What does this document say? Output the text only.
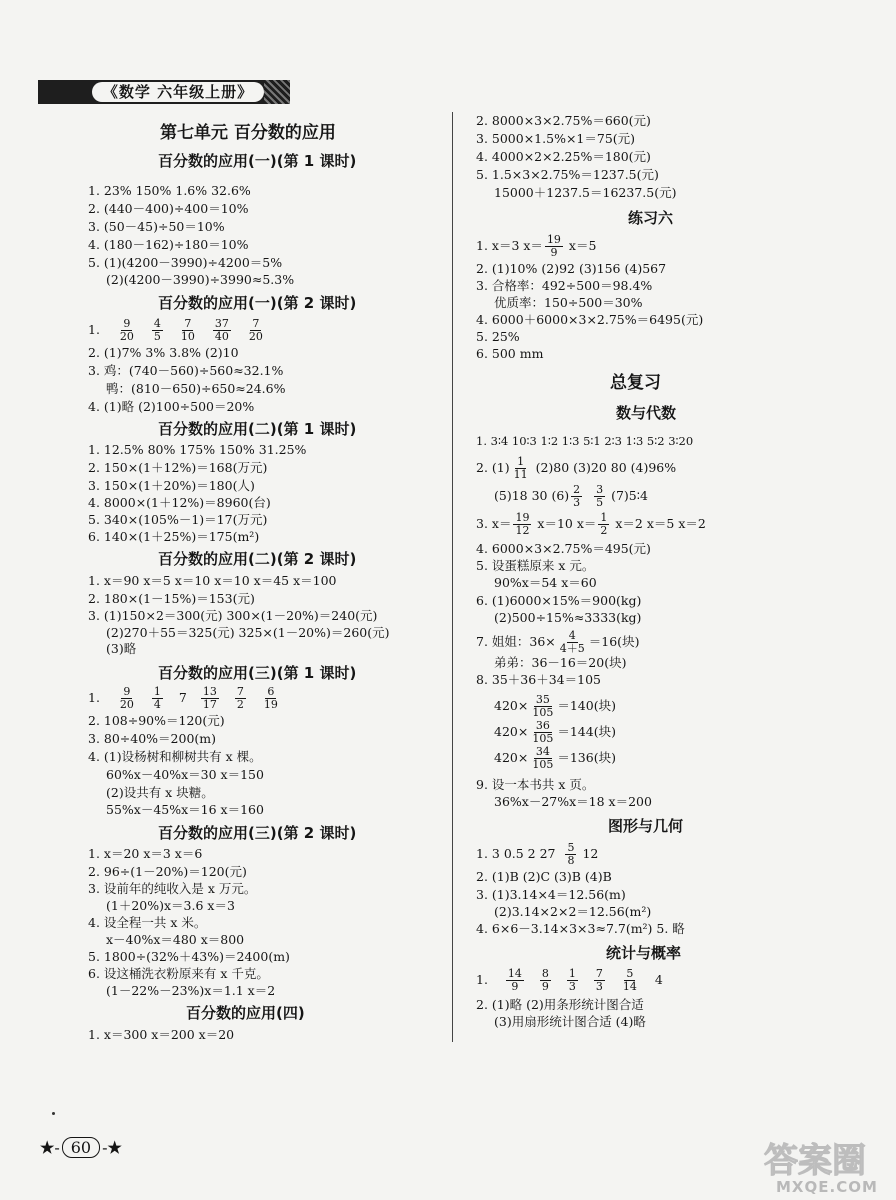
《数学 六年级上册》
第七单元 百分数的应用
百分数的应用(一)(第 1 课时)
1. 23% 150% 1.6% 32.6%
2. (440－400)÷400＝10%
3. (50－45)÷50＝10%
4. (180－162)÷180＝10%
5. (1)(4200－3990)÷4200＝5%
(2)(4200－3990)÷3990≈5.3%
百分数的应用(一)(第 2 课时)
1. $\frac{9}{20} \frac{4}{5} \frac{7}{10} \frac{37}{40} \frac{7}{20}$
2. (1)7% 3% 3.8% (2)10
3. 鸡：(740－560)÷560≈32.1%
鸭：(810－650)÷650≈24.6%
4. (1)略 (2)100÷500＝20%
百分数的应用(二)(第 1 课时)
1. 12.5% 80% 175% 150% 31.25%
2. 150×(1＋12%)＝168(万元)
3. 150×(1＋20%)＝180(人)
4. 8000×(1＋12%)＝8960(台)
5. 340×(105%－1)＝17(万元)
6. 140×(1＋25%)＝175(m²)
百分数的应用(二)(第 2 课时)
1. x＝90 x＝5 x＝10 x＝10 x＝45 x＝100
2. 180×(1－15%)＝153(元)
3. (1)150×2＝300(元) 300×(1－20%)＝240(元)
(2)270＋55＝325(元) 325×(1－20%)＝260(元)
(3)略
百分数的应用(三)(第 1 课时)
1. $\frac{9}{20} \frac{1}{4} 7 \frac{13}{17} \frac{7}{2} \frac{6}{19}$
2. 108÷90%＝120(元)
3. 80÷40%＝200(m)
4. (1)设杨树和柳树共有 x 棵。
60%x－40%x＝30 x＝150
(2)设共有 x 块糖。
55%x－45%x＝16 x＝160
百分数的应用(三)(第 2 课时)
1. x＝20 x＝3 x＝6
2. 96÷(1－20%)＝120(元)
3. 设前年的纯收入是 x 万元。
(1＋20%)x＝3.6 x＝3
4. 设全程一共 x 米。
x－40%x＝480 x＝800
5. 1800÷(32%＋43%)＝2400(m)
6. 设这桶洗衣粉原来有 x 千克。
(1－22%－23%)x＝1.1 x＝2
百分数的应用(四)
1. x＝300 x＝200 x＝20
2. 8000×3×2.75%＝660(元)
3. 5000×1.5%×1＝75(元)
4. 4000×2×2.25%＝180(元)
5. 1.5×3×2.75%＝1237.5(元)
15000＋1237.5＝16237.5(元)
练习六
1. x＝3 $x= \frac{19}{9} x=5$
2. (1)10% (2)92 (3)156 (4)567
3. 合格率：492÷500＝98.4%
优质率：150÷500＝30%
4. 6000＋6000×3×2.75%＝6495(元)
5. 25%
6. 500 mm
总复习
数与代数
1. 3∶4 10∶3 1∶2 1∶3 5∶1 2∶3 1∶3 5∶2 3∶20
2. $(1) \frac{1}{11} (2)80$ (3)20 80 (4)96%
(5)18 30 $(6) \frac{2}{3}$
$\frac{3}{5}$ (7)5∶4
3. $x= \frac{19}{12} x=10$ $x= \frac{1}{2} x=2$ x＝5 x＝2
4. 6000×3×2.75%＝495(元)
5. 设蛋糕原来 x 元。
90%x＝54 x＝60
6. (1)6000×15%＝900(kg)
(2)500÷15%≈3333(kg)
7. 姐姐：$36\times \frac{4}{4+5} =16$(块)
弟弟：36－16＝20(块)
8. 35＋36＋34＝105
$420\times \frac{35}{105} =140$(块)
$420\times \frac{36}{105} =144$(块)
$420\times \frac{34}{105} =136$(块)
9. 设一本书共 x 页。
36%x－27%x＝18 x＝200
图形与几何
1. 3 0.5 2 $27 \frac{5}{8} 12$
2. (1)B (2)C (3)B (4)B
3. (1)3.14×4＝12.56(m)
(2)3.14×2×2＝12.56(m²)
4. 6×6－3.14×3×3≈7.7(m²) 5. 略
统计与概率
1. $\frac{14}{9} \frac{8}{9} \frac{1}{3} \frac{7}{3} \frac{5}{14} 4$
2. (1)略 (2)用条形统计图合适
(3)用扇形统计图合适 (4)略
★- 60 -★	答案圈
MXQE.COM
